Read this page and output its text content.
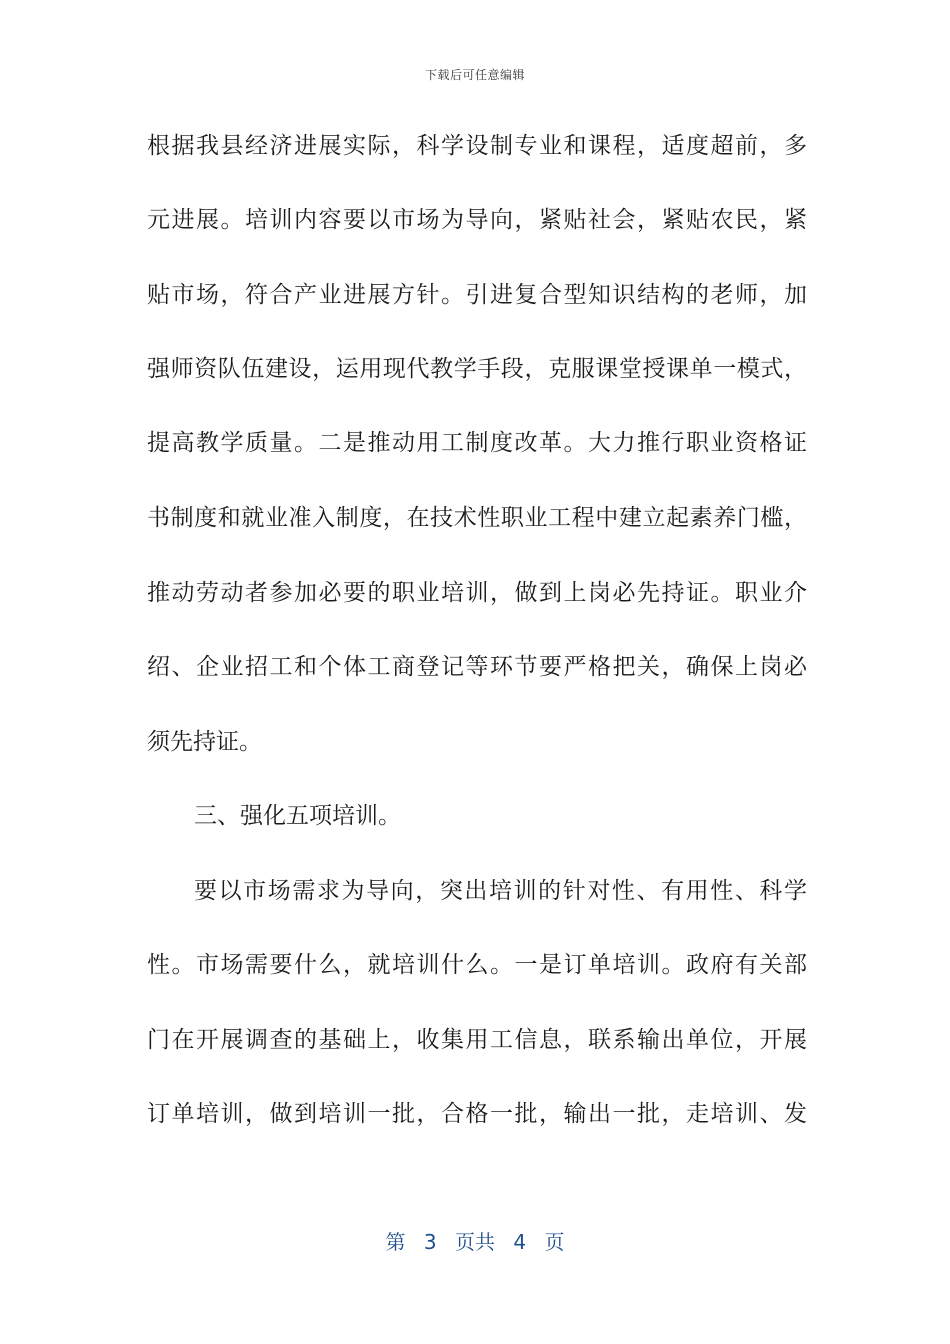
下载后可任意编辑
根据我县经济进展实际，科学设制专业和课程，适度超前，多
元进展。培训内容要以市场为导向，紧贴社会，紧贴农民，紧
贴市场，符合产业进展方针。引进复合型知识结构的老师，加
强师资队伍建设，运用现代教学手段，克服课堂授课单一模式，
提高教学质量。二是推动用工制度改革。大力推行职业资格证
书制度和就业准入制度，在技术性职业工程中建立起素养门槛，
推动劳动者参加必要的职业培训，做到上岗必先持证。职业介
绍、企业招工和个体工商登记等环节要严格把关，确保上岗必
须先持证。
三、强化五项培训。
要以市场需求为导向，突出培训的针对性、有用性、科学
性。市场需要什么，就培训什么。一是订单培训。政府有关部
门在开展调查的基础上，收集用工信息，联系输出单位，开展
订单培训，做到培训一批，合格一批，输出一批，走培训、发
第 3 页共 4 页
